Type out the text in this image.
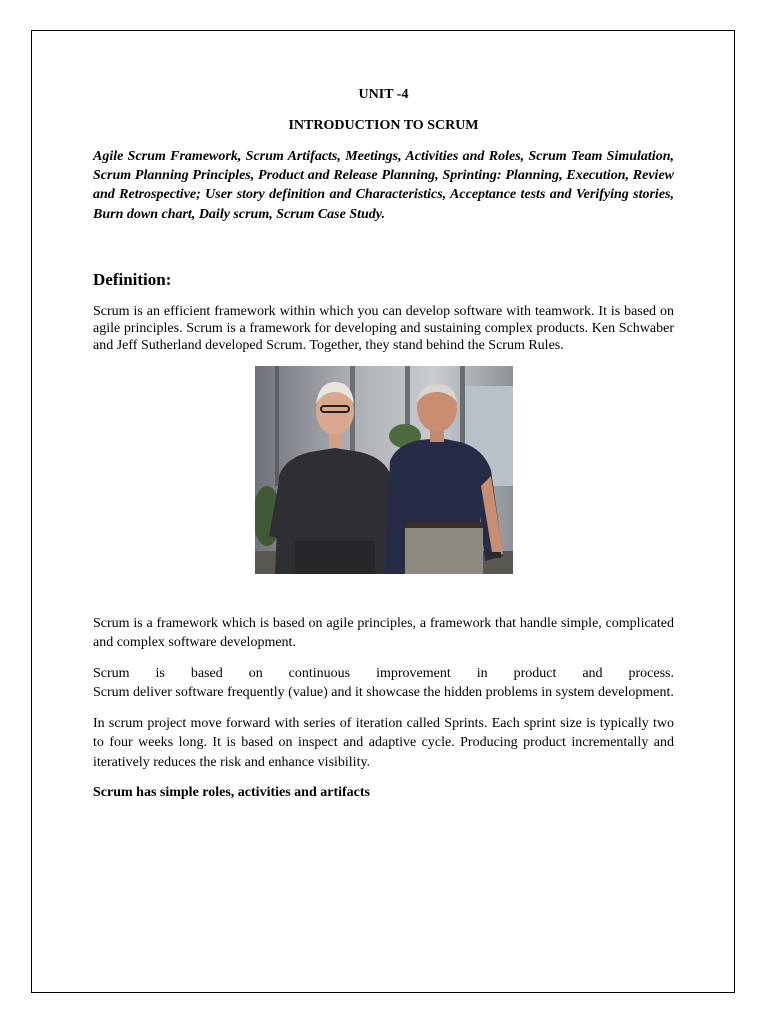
UNIT -4

INTRODUCTION TO SCRUM

Agile Scrum Framework, Scrum Artifacts, Meetings, Activities and Roles, Scrum Team Simulation, Scrum Planning Principles, Product and Release Planning, Sprinting: Planning, Execution, Review and Retrospective; User story definition and Characteristics, Acceptance tests and Verifying stories, Burn down chart, Daily scrum, Scrum Case Study.

Definition:

Scrum is an efficient framework within which you can develop software with teamwork. It is based on agile principles. Scrum is a framework for developing and sustaining complex products. Ken Schwaber and Jeff Sutherland developed Scrum. Together, they stand behind the Scrum Rules.

Scrum is a framework which is based on agile principles, a framework that handle simple, complicated and complex software development.

Scrum is based on continuous improvement in product and process.
Scrum deliver software frequently (value) and it showcase the hidden problems in system development.

In scrum project move forward with series of iteration called Sprints. Each sprint size is typically two to four weeks long. It is based on inspect and adaptive cycle. Producing product incrementally and iteratively reduces the risk and enhance visibility.

Scrum has simple roles, activities and artifacts
